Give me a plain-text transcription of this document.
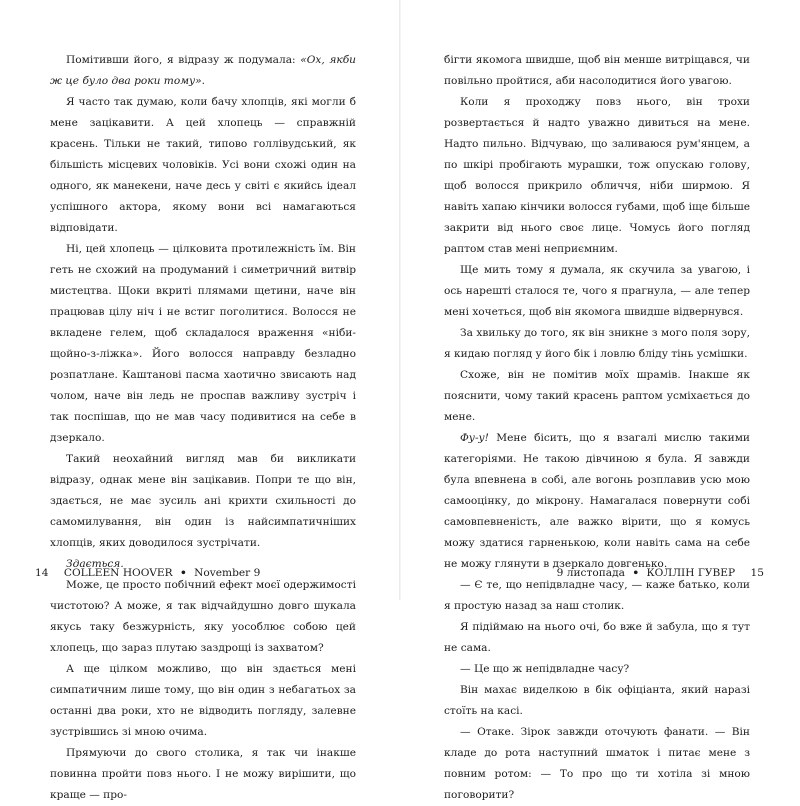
Помітивши його, я відразу ж подумала: «Ох, якби ж це було два роки тому».

Я часто так думаю, коли бачу хлопців, які могли б мене зацікавити. А цей хлопець — справжній красень. Тільки не такий, типово голлівудський, як більшість місцевих чоловіків. Усі вони схожі один на одного, як манекени, наче десь у світі є якийсь ідеал успішного актора, якому вони всі намагаються відповідати.

Ні, цей хлопець — цілковита протилежність їм. Він геть не схожий на продуманий і симетричний витвір мистецтва. Щоки вкриті плямами щетини, наче він працював цілу ніч і не встиг поголитися. Волосся не вкладене гелем, щоб складалося враження «ніби-щойно-з-ліжка». Його волосся направду безладно розпатлане. Каштанові пасма хаотично звисають над чолом, наче він ледь не проспав важливу зустріч і так поспішав, що не мав часу подивитися на себе в дзеркало.

Такий неохайний вигляд мав би викликати відразу, однак мене він зацікавив. Попри те що він, здається, не має зусиль ані крихти схильності до самомилування, він один із найсимпатичніших хлопців, яких доводилося зустрічати.

Здається.

Може, це просто побічний ефект моєї одержимості чистотою? А може, я так відчайдушно довго шукала якусь таку безжурність, яку уособлює собою цей хлопець, що зараз плутаю заздрощі із захватом?

А ще цілком можливо, що він здається мені симпатичним лише тому, що він один з небагатьох за останні два роки, хто не відводить погляду, залевне зустрівшись зі мною очима.

Прямуючи до свого столика, я так чи інакше повинна пройти повз нього. І не можу вирішити, що краще — про-

бігти якомога швидше, щоб він менше витріщався, чи повільно пройтися, аби насолодитися його увагою.

Коли я проходжу повз нього, він трохи розвертається й надто уважно дивиться на мене. Надто пильно. Відчуваю, що заливаюся рум'янцем, а по шкірі пробігають мурашки, тож опускаю голову, щоб волосся прикрило обличчя, ніби ширмою. Я навіть хапаю кінчики волосся губами, щоб іще більше закрити від нього своє лице. Чомусь його погляд раптом став мені неприємним.

Ще мить тому я думала, як скучила за увагою, і ось нарешті сталося те, чого я прагнула, — але тепер мені хочеться, щоб він якомога швидше відвернувся.

За хвильку до того, як він зникне з мого поля зору, я кидаю погляд у його бік і ловлю бліду тінь усмішки.

Схоже, він не помітив моїх шрамів. Інакше як пояснити, чому такий красень раптом усміхається до мене.

Фу-у! Мене бісить, що я взагалі мислю такими категоріями. Не такою дівчиною я була. Я завжди була впевнена в собі, але вогонь розплавив усю мою самооцінку, до мікрону. Намагалася повернути собі самовпевненість, але важко вірити, що я комусь можу здатися гарненькою, коли навіть сама на себе не можу глянути в дзеркало довгенько.

— Є те, що непідвладне часу, — каже батько, коли я простую назад за наш столик.

Я підіймаю на нього очі, бо вже й забула, що я тут не сама.

— Це що ж непідвладне часу?

Він махає виделкою в бік офіціанта, який наразі стоїть на касі.

— Отаке. Зірок завжди оточують фанати. — Він кладе до рота наступний шматок і питає мене з повним ротом: — То про що ти хотіла зі мною поговорити?

14 COLLEEN HOOVER • November 9	9 листопада • КОЛЛІН ГУВЕР 15
